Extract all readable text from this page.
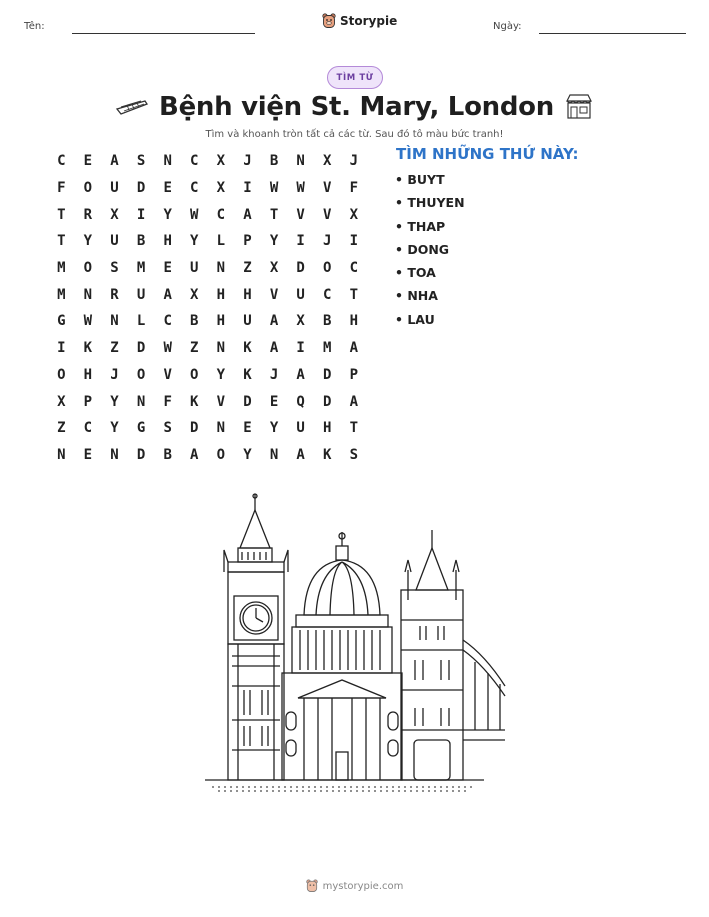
Tên:	Storypie	Ngày:
TÌM TỪ
Bệnh viện St. Mary, London
Tìm và khoanh tròn tất cả các từ. Sau đó tô màu bức tranh!
C	E	A	S	N	C	X	J	B	N	X	J
F	O	U	D	E	C	X	I	W	W	V	F
T	R	X	I	Y	W	C	A	T	V	V	X
T	Y	U	B	H	Y	L	P	Y	I	J	I
M	O	S	M	E	U	N	Z	X	D	O	C
M	N	R	U	A	X	H	H	V	U	C	T
G	W	N	L	C	B	H	U	A	X	B	H
I	K	Z	D	W	Z	N	K	A	I	M	A
O	H	J	O	V	O	Y	K	J	A	D	P
X	P	Y	N	F	K	V	D	E	Q	D	A
Z	C	Y	G	S	D	N	E	Y	U	H	T
N	E	N	D	B	A	O	Y	N	A	K	S
TÌM NHỮNG THỨ NÀY:
• BUYT
• THUYEN
• THAP
• DONG
• TOA
• NHA
• LAU
mystorypie.com
